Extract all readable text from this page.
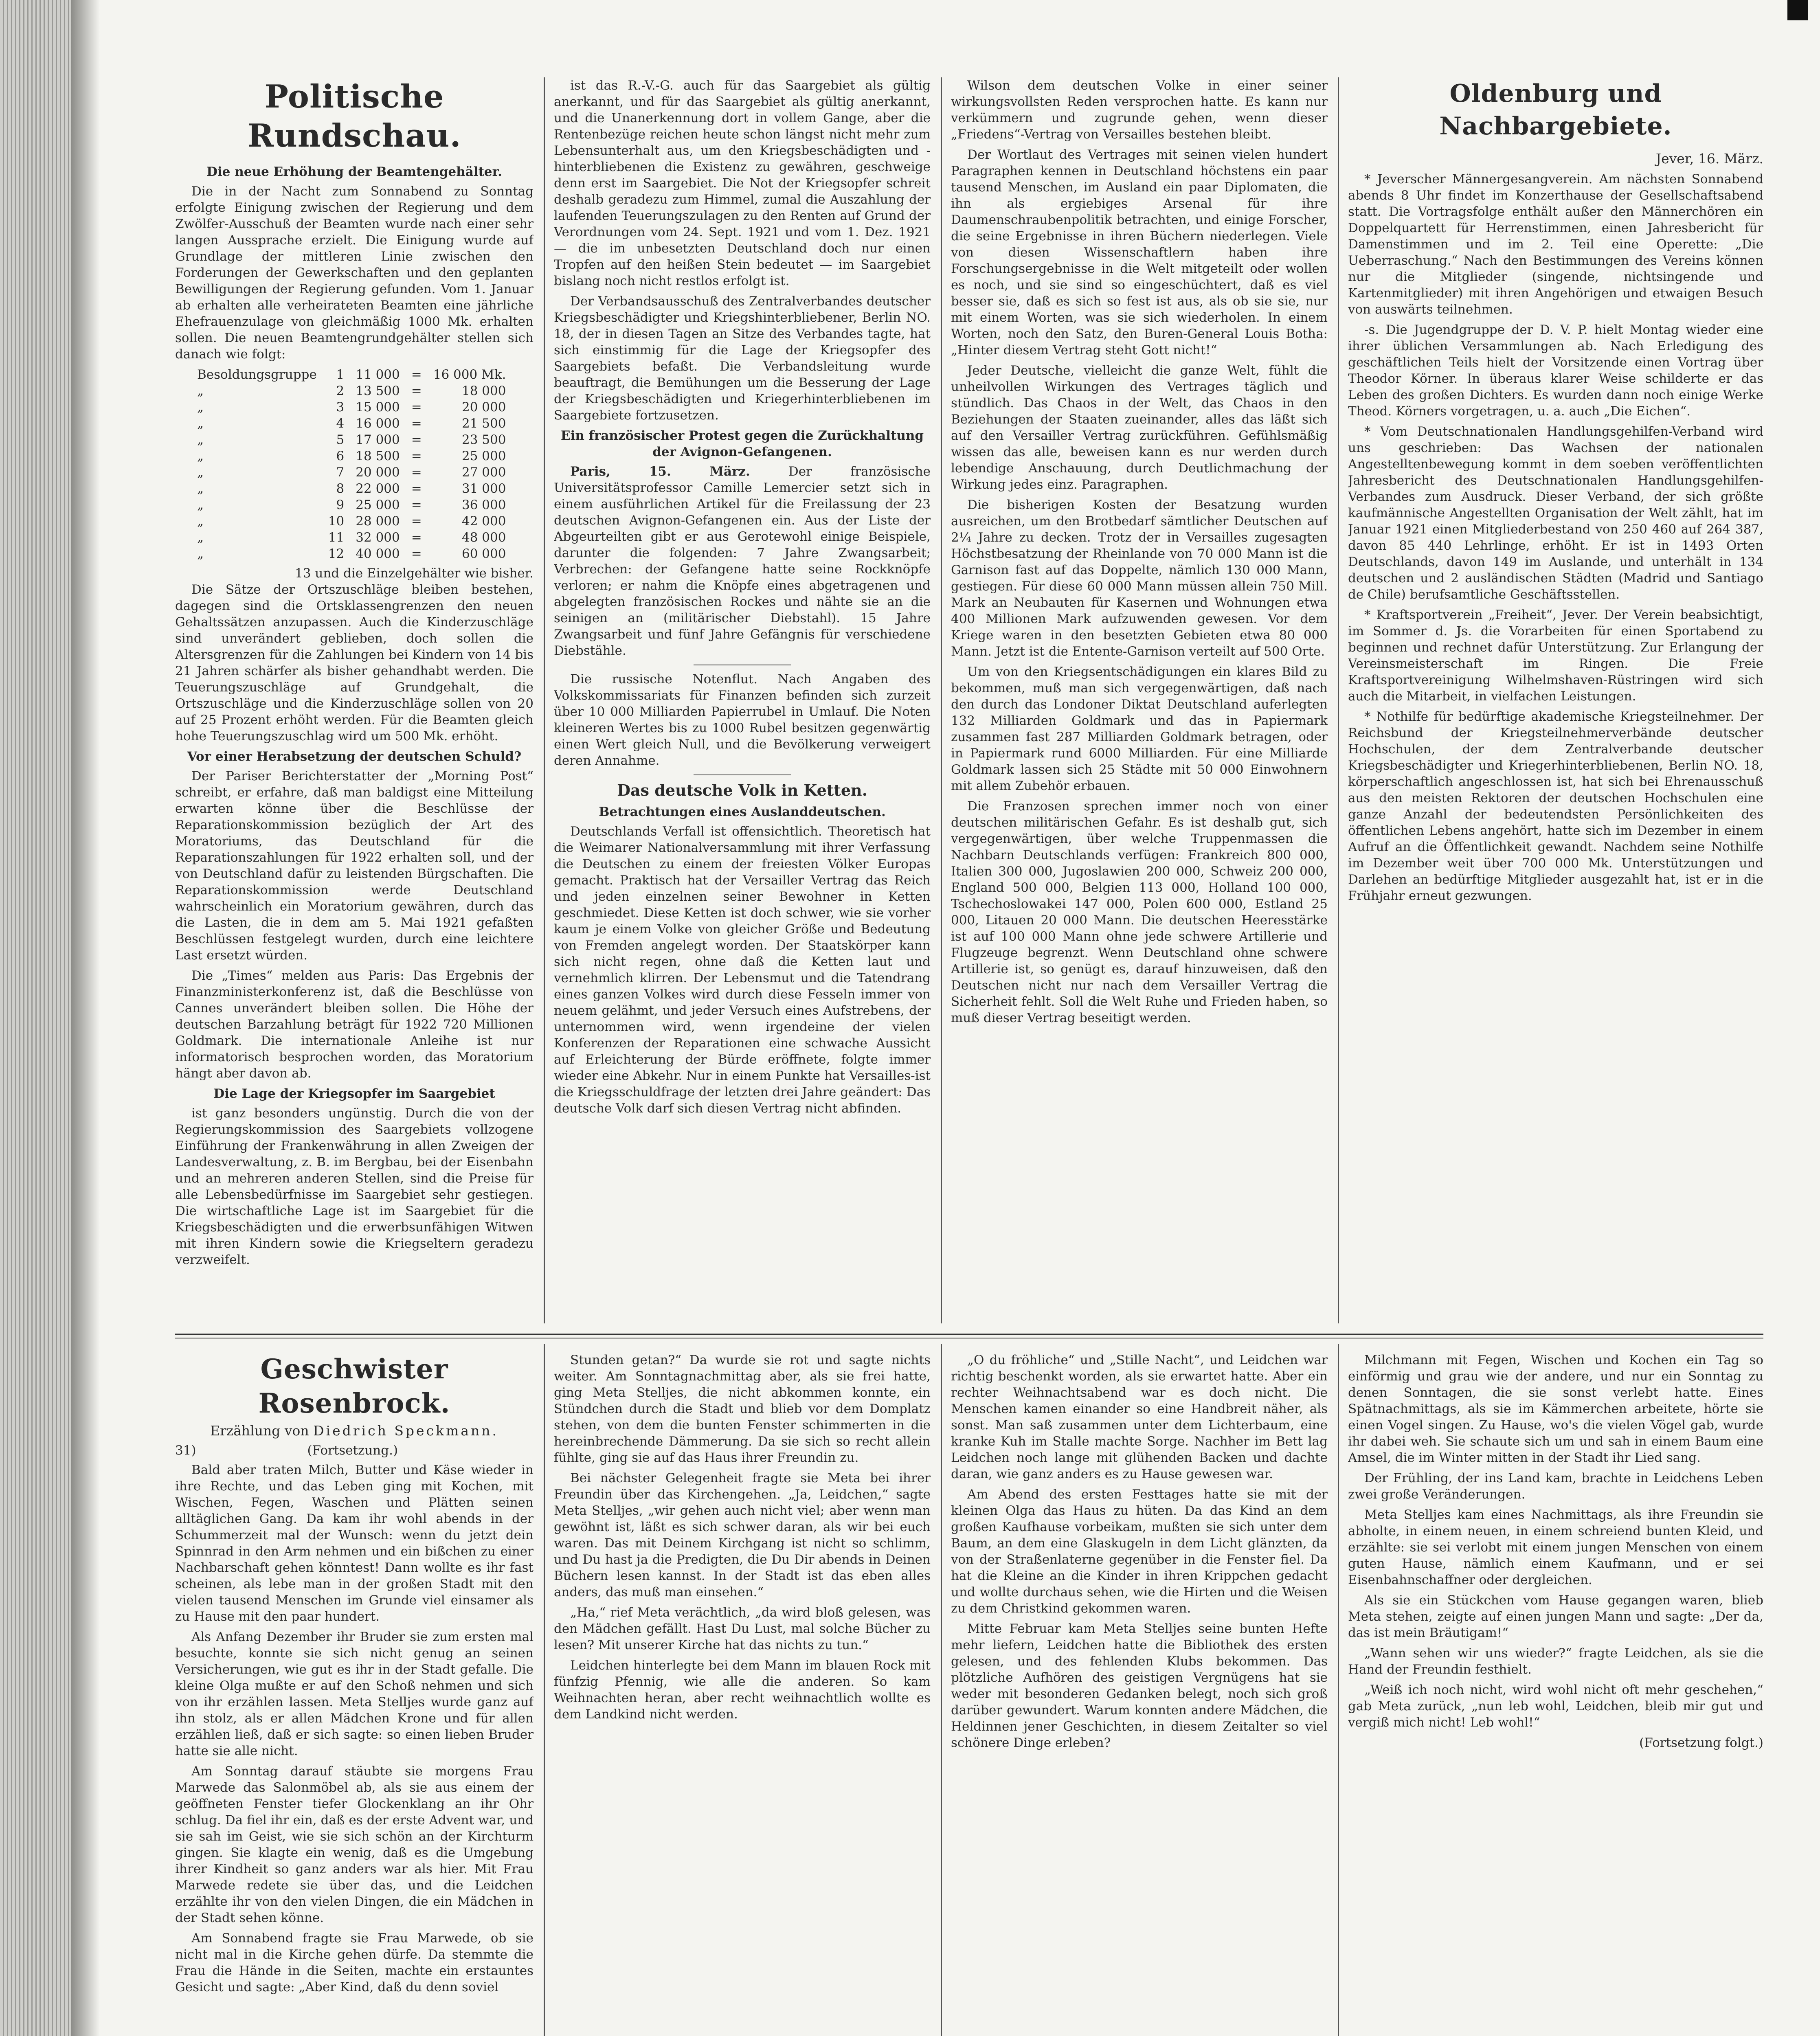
Politische Rundschau.
Die neue Erhöhung der Beamtengehälter.

Die in der Nacht zum Sonnabend zu Sonntag erfolgte Einigung zwischen der Regierung und dem Zwölfer-Ausschuß der Beamten wurde nach einer sehr langen Aussprache erzielt. Die Einigung wurde auf Grundlage der mittleren Linie zwischen den Forderungen der Gewerkschaften und den geplanten Bewilligungen der Regierung gefunden. Vom 1. Januar ab erhalten alle verheirateten Beamten eine jährliche Ehefrauenzulage von gleichmäßig 1000 Mk. erhalten sollen. Die neuen Beamtengrundgehälter stellen sich danach wie folgt:

Besoldungsgruppe	1	11 000	=	16 000 Mk.
„	2	13 500	=	18 000
„	3	15 000	=	20 000
„	4	16 000	=	21 500
„	5	17 000	=	23 500
„	6	18 500	=	25 000
„	7	20 000	=	27 000
„	8	22 000	=	31 000
„	9	25 000	=	36 000
„	10	28 000	=	42 000
„	11	32 000	=	48 000
„	12	40 000	=	60 000
13 und die Einzelgehälter wie bisher.

Die Sätze der Ortszuschläge bleiben bestehen, dagegen sind die Ortsklassengrenzen den neuen Gehaltssätzen anzupassen. Auch die Kinderzuschläge sind unverändert geblieben, doch sollen die Altersgrenzen für die Zahlungen bei Kindern von 14 bis 21 Jahren schärfer als bisher gehandhabt werden. Die Teuerungszuschläge auf Grundgehalt, die Ortszuschläge und die Kinderzuschläge sollen von 20 auf 25 Prozent erhöht werden. Für die Beamten gleich hohe Teuerungszuschlag wird um 500 Mk. erhöht.

Vor einer Herabsetzung der deutschen Schuld?

Der Pariser Berichterstatter der „Morning Post“ schreibt, er erfahre, daß man baldigst eine Mitteilung erwarten könne über die Beschlüsse der Reparationskommission bezüglich der Art des Moratoriums, das Deutschland für die Reparationszahlungen für 1922 erhalten soll, und der von Deutschland dafür zu leistenden Bürgschaften. Die Reparationskommission werde Deutschland wahrscheinlich ein Moratorium gewähren, durch das die Lasten, die in dem am 5. Mai 1921 gefaßten Beschlüssen festgelegt wurden, durch eine leichtere Last ersetzt würden.

Die „Times“ melden aus Paris: Das Ergebnis der Finanzministerkonferenz ist, daß die Beschlüsse von Cannes unverändert bleiben sollen. Die Höhe der deutschen Barzahlung beträgt für 1922 720 Millionen Goldmark. Die internationale Anleihe ist nur informatorisch besprochen worden, das Moratorium hängt aber davon ab.

Die Lage der Kriegsopfer im Saargebiet

ist ganz besonders ungünstig. Durch die von der Regierungskommission des Saargebiets vollzogene Einführung der Frankenwährung in allen Zweigen der Landesverwaltung, z. B. im Bergbau, bei der Eisenbahn und an mehreren anderen Stellen, sind die Preise für alle Lebensbedürfnisse im Saargebiet sehr gestiegen. Die wirtschaftliche Lage ist im Saargebiet für die Kriegsbeschädigten und die erwerbsunfähigen Witwen mit ihren Kindern sowie die Kriegseltern geradezu verzweifelt.

ist das R.-V.-G. auch für das Saargebiet als gültig anerkannt, und für das Saargebiet als gültig anerkannt, und die Unanerkennung dort in vollem Gange, aber die Rentenbezüge reichen heute schon längst nicht mehr zum Lebensunterhalt aus, um den Kriegsbeschädigten und -hinterbliebenen die Existenz zu gewähren, geschweige denn erst im Saargebiet. Die Not der Kriegsopfer schreit deshalb geradezu zum Himmel, zumal die Auszahlung der laufenden Teuerungszulagen zu den Renten auf Grund der Verordnungen vom 24. Sept. 1921 und vom 1. Dez. 1921 — die im unbesetzten Deutschland doch nur einen Tropfen auf den heißen Stein bedeutet — im Saargebiet bislang noch nicht restlos erfolgt ist.

Der Verbandsausschuß des Zentralverbandes deutscher Kriegsbeschädigter und Kriegshinterbliebener, Berlin NO. 18, der in diesen Tagen an Sitze des Verbandes tagte, hat sich einstimmig für die Lage der Kriegsopfer des Saargebiets befaßt. Die Verbandsleitung wurde beauftragt, die Bemühungen um die Besserung der Lage der Kriegsbeschädigten und Kriegerhinterbliebenen im Saargebiete fortzusetzen.

Ein französischer Protest gegen die Zurückhaltung der Avignon-Gefangenen.

Paris, 15. März.	Der französische Universitätsprofessor Camille Lemercier setzt sich in einem ausführlichen Artikel für die Freilassung der 23 deutschen Avignon-Gefangenen ein. Aus der Liste der Abgeurteilten gibt er aus Gerotewohl einige Beispiele, darunter die folgenden: 7 Jahre Zwangsarbeit; Verbrechen: der Gefangene hatte seine Rockknöpfe verloren; er nahm die Knöpfe eines abgetragenen und abgelegten französischen Rockes und nähte sie an die seinigen an (militärischer Diebstahl). 15 Jahre Zwangsarbeit und fünf Jahre Gefängnis für verschiedene Diebstähle.

Die russische Notenflut. Nach Angaben des Volkskommissariats für Finanzen befinden sich zurzeit über 10 000 Milliarden Papierrubel in Umlauf. Die Noten kleineren Wertes bis zu 1000 Rubel besitzen gegenwärtig einen Wert gleich Null, und die Bevölkerung verweigert deren Annahme.

Das deutsche Volk in Ketten.
Betrachtungen eines Auslanddeutschen.

Deutschlands Verfall ist offensichtlich. Theoretisch hat die Weimarer Nationalversammlung mit ihrer Verfassung die Deutschen zu einem der freiesten Völker Europas gemacht. Praktisch hat der Versailler Vertrag das Reich und jeden einzelnen seiner Bewohner in Ketten geschmiedet. Diese Ketten ist doch schwer, wie sie vorher kaum je einem Volke von gleicher Größe und Bedeutung von Fremden angelegt worden. Der Staatskörper kann sich nicht regen, ohne daß die Ketten laut und vernehmlich klirren. Der Lebensmut und die Tatendrang eines ganzen Volkes wird durch diese Fesseln immer von neuem gelähmt, und jeder Versuch eines Aufstrebens, der unternommen wird, wenn irgendeine der vielen Konferenzen der Reparationen eine schwache Aussicht auf Erleichterung der Bürde eröffnete, folgte immer wieder eine Abkehr. Nur in einem Punkte hat Versailles-ist die Kriegsschuldfrage der letzten drei Jahre geändert: Das deutsche Volk darf sich diesen Vertrag nicht abfinden.

Wilson dem deutschen Volke in einer seiner wirkungsvollsten Reden versprochen hatte. Es kann nur verkümmern und zugrunde gehen, wenn dieser „Friedens“-Vertrag von Versailles bestehen bleibt.

Der Wortlaut des Vertrages mit seinen vielen hundert Paragraphen kennen in Deutschland höchstens ein paar tausend Menschen, im Ausland ein paar Diplomaten, die ihn als ergiebiges Arsenal für ihre Daumenschraubenpolitik betrachten, und einige Forscher, die seine Ergebnisse in ihren Büchern niederlegen. Viele von diesen Wissenschaftlern haben ihre Forschungsergebnisse in die Welt mitgeteilt oder wollen es noch, und sie sind so eingeschüchtert, daß es viel besser sie, daß es sich so fest ist aus, als ob sie sie, nur mit einem Worten, was sie sich wiederholen. In einem Worten, noch den Satz, den Buren-General Louis Botha: „Hinter diesem Vertrag steht Gott nicht!“

Jeder Deutsche, vielleicht die ganze Welt, fühlt die unheilvollen Wirkungen des Vertrages täglich und stündlich. Das Chaos in der Welt, das Chaos in den Beziehungen der Staaten zueinander, alles das läßt sich auf den Versailler Vertrag zurückführen. Gefühlsmäßig wissen das alle, beweisen kann es nur werden durch lebendige Anschauung, durch Deutlichmachung der Wirkung jedes einz. Paragraphen.

Die bisherigen Kosten der Besatzung wurden ausreichen, um den Brotbedarf sämtlicher Deutschen auf 2¼ Jahre zu decken. Trotz der in Versailles zugesagten Höchstbesatzung der Rheinlande von 70 000 Mann ist die Garnison fast auf das Doppelte, nämlich 130 000 Mann, gestiegen. Für diese 60 000 Mann müssen allein 750 Mill. Mark an Neubauten für Kasernen und Wohnungen etwa 400 Millionen Mark aufzuwenden gewesen. Vor dem Kriege waren in den besetzten Gebieten etwa 80 000 Mann. Jetzt ist die Entente-Garnison verteilt auf 500 Orte.

Um von den Kriegsentschädigungen ein klares Bild zu bekommen, muß man sich vergegenwärtigen, daß nach den durch das Londoner Diktat Deutschland auferlegten 132 Milliarden Goldmark und das in Papiermark zusammen fast 287 Milliarden Goldmark betragen, oder in Papiermark rund 6000 Milliarden. Für eine Milliarde Goldmark lassen sich 25 Städte mit 50 000 Einwohnern mit allem Zubehör erbauen.

Die Franzosen sprechen immer noch von einer deutschen militärischen Gefahr. Es ist deshalb gut, sich vergegenwärtigen, über welche Truppenmassen die Nachbarn Deutschlands verfügen: Frankreich 800 000, Italien 300 000, Jugoslawien 200 000, Schweiz 200 000, England 500 000, Belgien 113 000, Holland 100 000, Tschechoslowakei 147 000, Polen 600 000, Estland 25 000, Litauen 20 000 Mann. Die deutschen Heeresstärke ist auf 100 000 Mann ohne jede schwere Artillerie und Flugzeuge begrenzt. Wenn Deutschland ohne schwere Artillerie ist, so genügt es, darauf hinzuweisen, daß den Deutschen nicht nur nach dem Versailler Vertrag die Sicherheit fehlt. Soll die Welt Ruhe und Frieden haben, so muß dieser Vertrag beseitigt werden.

Oldenburg und Nachbargebiete.
Jever, 16. März.

* Jeverscher Männergesangverein. Am nächsten Sonnabend abends 8 Uhr findet im Konzerthause der Gesellschaftsabend statt. Die Vortragsfolge enthält außer den Männerchören ein Doppelquartett für Herrenstimmen, einen Jahresbericht für Damenstimmen und im 2. Teil eine Operette: „Die Ueberraschung.“ Nach den Bestimmungen des Vereins können nur die Mitglieder (singende, nichtsingende und Kartenmitglieder) mit ihren Angehörigen und etwaigen Besuch von auswärts teilnehmen.

-s. Die Jugendgruppe der D. V. P. hielt Montag wieder eine ihrer üblichen Versammlungen ab. Nach Erledigung des geschäftlichen Teils hielt der Vorsitzende einen Vortrag über Theodor Körner. In überaus klarer Weise schilderte er das Leben des großen Dichters. Es wurden dann noch einige Werke Theod. Körners vorgetragen, u. a. auch „Die Eichen“.

* Vom Deutschnationalen Handlungsgehilfen-Verband wird uns geschrieben: Das Wachsen der nationalen Angestelltenbewegung kommt in dem soeben veröffentlichten Jahresbericht des Deutschnationalen Handlungsgehilfen-Verbandes zum Ausdruck. Dieser Verband, der sich größte kaufmännische Angestellten Organisation der Welt zählt, hat im Januar 1921 einen Mitgliederbestand von 250 460 auf 264 387, davon 85 440 Lehrlinge, erhöht. Er ist in 1493 Orten Deutschlands, davon 149 im Auslande, und unterhält in 134 deutschen und 2 ausländischen Städten (Madrid und Santiago de Chile) berufsamtliche Geschäftsstellen.

* Kraftsportverein „Freiheit“, Jever. Der Verein beabsichtigt, im Sommer d. Js. die Vorarbeiten für einen Sportabend zu beginnen und rechnet dafür Unterstützung. Zur Erlangung der Vereinsmeisterschaft im Ringen. Die Freie Kraftsportvereinigung Wilhelmshaven-Rüstringen wird sich auch die Mitarbeit, in vielfachen Leistungen.

* Nothilfe für bedürftige akademische Kriegsteilnehmer. Der Reichsbund der Kriegsteilnehmerverbände deutscher Hochschulen, der dem Zentralverbande deutscher Kriegsbeschädigter und Kriegerhinterbliebenen, Berlin NO. 18, körperschaftlich angeschlossen ist, hat sich bei Ehrenausschuß aus den meisten Rektoren der deutschen Hochschulen eine ganze Anzahl der bedeutendsten Persönlichkeiten des öffentlichen Lebens angehört, hatte sich im Dezember in einem Aufruf an die Öffentlichkeit gewandt. Nachdem seine Nothilfe im Dezember weit über 700 000 Mk. Unterstützungen und Darlehen an bedürftige Mitglieder ausgezahlt hat, ist er in die Frühjahr erneut gezwungen.

Geschwister Rosenbrock.
Erzählung von Diedrich Speckmann.
31)	(Fortsetzung.)

Bald aber traten Milch, Butter und Käse wieder in ihre Rechte, und das Leben ging mit Kochen, mit Wischen, Fegen, Waschen und Plätten seinen alltäglichen Gang. Da kam ihr wohl abends in der Schummerzeit mal der Wunsch: wenn du jetzt dein Spinnrad in den Arm nehmen und ein bißchen zu einer Nachbarschaft gehen könntest! Dann wollte es ihr fast scheinen, als lebe man in der großen Stadt mit den vielen tausend Menschen im Grunde viel einsamer als zu Hause mit den paar hundert.

Als Anfang Dezember ihr Bruder sie zum ersten mal besuchte, konnte sie sich nicht genug an seinen Versicherungen, wie gut es ihr in der Stadt gefalle. Die kleine Olga mußte er auf den Schoß nehmen und sich von ihr erzählen lassen. Meta Stelljes wurde ganz auf ihn stolz, als er allen Mädchen Krone und für allen erzählen ließ, daß er sich sagte: so einen lieben Bruder hatte sie alle nicht.

Am Sonntag darauf stäubte sie morgens Frau Marwede das Salonmöbel ab, als sie aus einem der geöffneten Fenster tiefer Glockenklang an ihr Ohr schlug. Da fiel ihr ein, daß es der erste Advent war, und sie sah im Geist, wie sie sich schön an der Kirchturm gingen. Sie klagte ein wenig, daß es die Umgebung ihrer Kindheit so ganz anders war als hier. Mit Frau Marwede redete sie über das, und die Leidchen erzählte ihr von den vielen Dingen, die ein Mädchen in der Stadt sehen könne.

Am Sonnabend fragte sie Frau Marwede, ob sie nicht mal in die Kirche gehen dürfe. Da stemmte die Frau die Hände in die Seiten, machte ein erstauntes Gesicht und sagte: „Aber Kind, daß du denn soviel

Stunden getan?“ Da wurde sie rot und sagte nichts weiter. Am Sonntagnachmittag aber, als sie frei hatte, ging Meta Stelljes, die nicht abkommen konnte, ein Stündchen durch die Stadt und blieb vor dem Domplatz stehen, von dem die bunten Fenster schimmerten in die hereinbrechende Dämmerung. Da sie sich so recht allein fühlte, ging sie auf das Haus ihrer Freundin zu.

Bei nächster Gelegenheit fragte sie Meta bei ihrer Freundin über das Kirchengehen. „Ja, Leidchen,“ sagte Meta Stelljes, „wir gehen auch nicht viel; aber wenn man gewöhnt ist, läßt es sich schwer daran, als wir bei euch waren. Das mit Deinem Kirchgang ist nicht so schlimm, und Du hast ja die Predigten, die Du Dir abends in Deinen Büchern lesen kannst. In der Stadt ist das eben alles anders, das muß man einsehen.“

„Ha,“ rief Meta verächtlich, „da wird bloß gelesen, was den Mädchen gefällt. Hast Du Lust, mal solche Bücher zu lesen? Mit unserer Kirche hat das nichts zu tun.“

Leidchen hinterlegte bei dem Mann im blauen Rock mit fünfzig Pfennig, wie alle die anderen. So kam Weihnachten heran, aber recht weihnachtlich wollte es dem Landkind nicht werden.

„O du fröhliche“ und „Stille Nacht“, und Leidchen war richtig beschenkt worden, als sie erwartet hatte. Aber ein rechter Weihnachtsabend war es doch nicht. Die Menschen kamen einander so eine Handbreit näher, als sonst. Man saß zusammen unter dem Lichterbaum, eine kranke Kuh im Stalle machte Sorge. Nachher im Bett lag Leidchen noch lange mit glühenden Backen und dachte daran, wie ganz anders es zu Hause gewesen war.

Am Abend des ersten Festtages hatte sie mit der kleinen Olga das Haus zu hüten. Da das Kind an dem großen Kaufhause vorbeikam, mußten sie sich unter dem Baum, an dem eine Glaskugeln in dem Licht glänzten, da von der Straßenlaterne gegenüber in die Fenster fiel. Da hat die Kleine an die Kinder in ihren Krippchen gedacht und wollte durchaus sehen, wie die Hirten und die Weisen zu dem Christkind gekommen waren.

Mitte Februar kam Meta Stelljes seine bunten Hefte mehr liefern, Leidchen hatte die Bibliothek des ersten gelesen, und des fehlenden Klubs bekommen. Das plötzliche Aufhören des geistigen Vergnügens hat sie weder mit besonderen Gedanken belegt, noch sich groß darüber gewundert. Warum konnten andere Mädchen, die Heldinnen jener Geschichten, in diesem Zeitalter so viel schönere Dinge erleben?

Milchmann mit Fegen, Wischen und Kochen ein Tag so einförmig und grau wie der andere, und nur ein Sonntag zu denen Sonntagen, die sie sonst verlebt hatte. Eines Spätnachmittags, als sie im Kämmerchen arbeitete, hörte sie einen Vogel singen. Zu Hause, wo's die vielen Vögel gab, wurde ihr dabei weh. Sie schaute sich um und sah in einem Baum eine Amsel, die im Winter mitten in der Stadt ihr Lied sang.

Der Frühling, der ins Land kam, brachte in Leidchens Leben zwei große Veränderungen.

Meta Stelljes kam eines Nachmittags, als ihre Freundin sie abholte, in einem neuen, in einem schreiend bunten Kleid, und erzählte: sie sei verlobt mit einem jungen Menschen von einem guten Hause, nämlich einem Kaufmann, und er sei Eisenbahnschaffner oder dergleichen.

Als sie ein Stückchen vom Hause gegangen waren, blieb Meta stehen, zeigte auf einen jungen Mann und sagte: „Der da, das ist mein Bräutigam!“

„Wann sehen wir uns wieder?“ fragte Leidchen, als sie die Hand der Freundin festhielt.

„Weiß ich noch nicht, wird wohl nicht oft mehr geschehen,“ gab Meta zurück, „nun leb wohl, Leidchen, bleib mir gut und vergiß mich nicht! Leb wohl!“

(Fortsetzung folgt.)
